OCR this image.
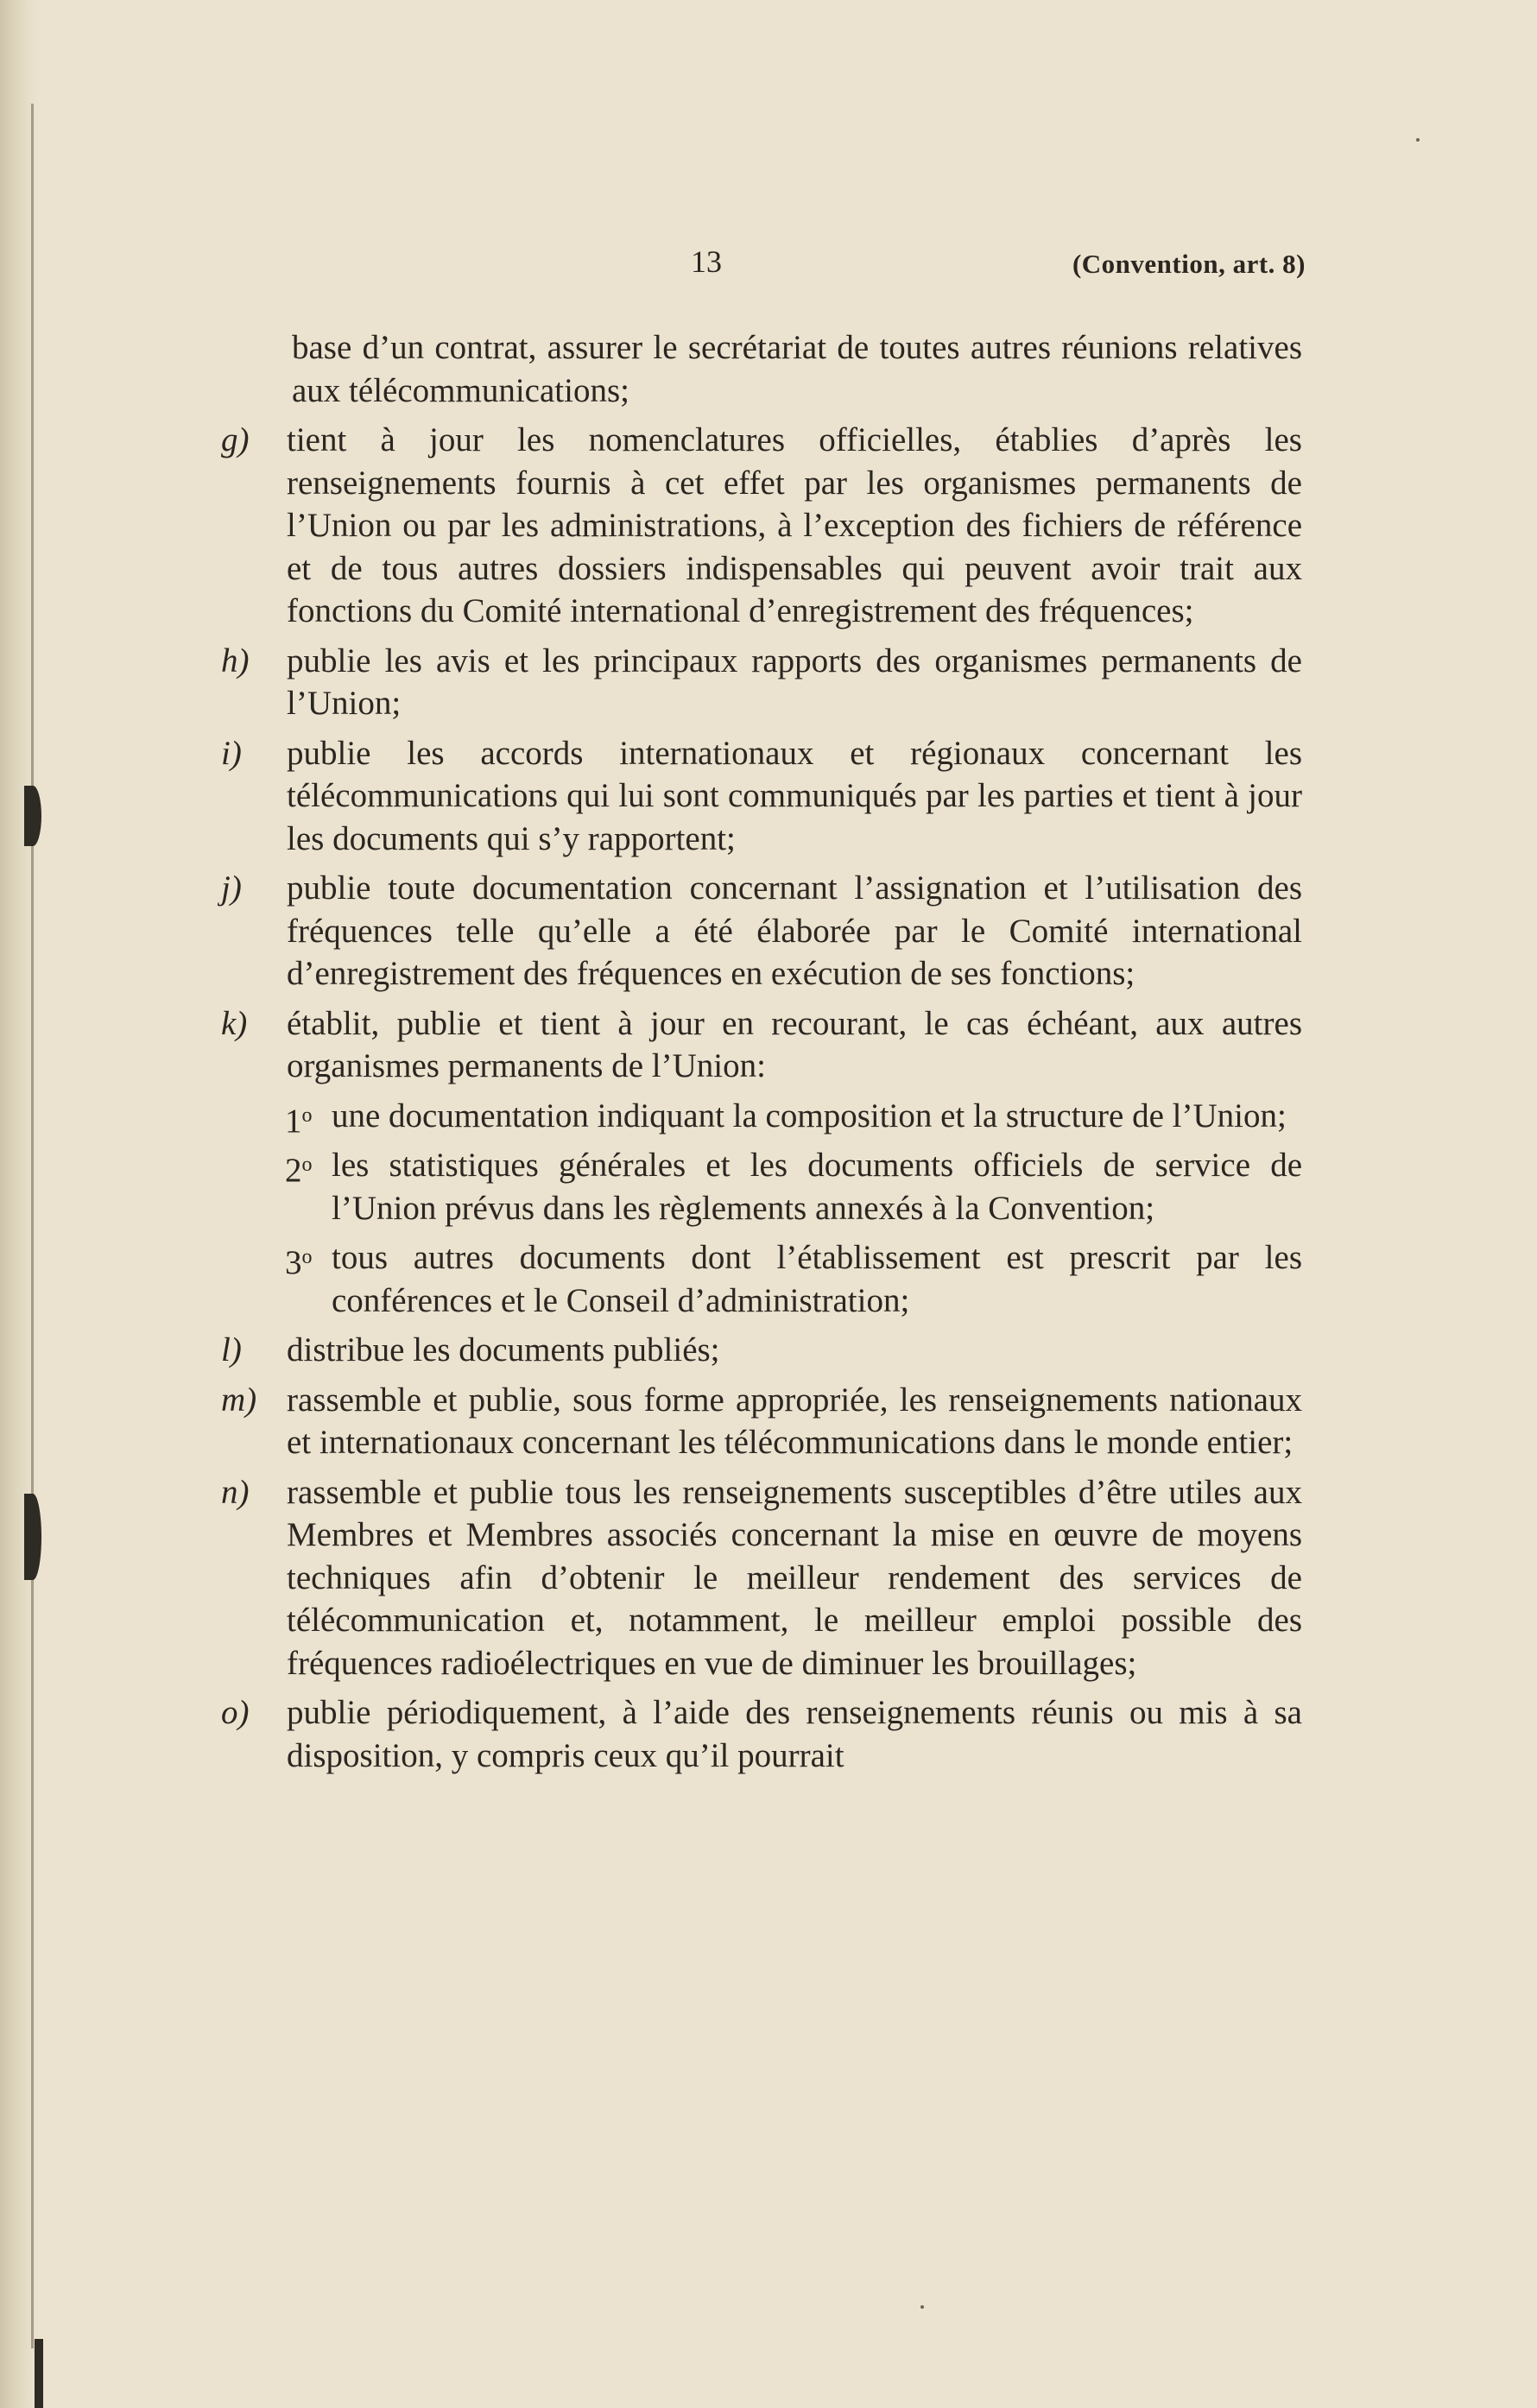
13	(Convention, art. 8)
base d’un contrat, assurer le secrétariat de toutes autres réunions relatives aux télécommunications;
g) tient à jour les nomenclatures officielles, établies d’après les renseignements fournis à cet effet par les organismes permanents de l’Union ou par les administrations, à l’exception des fichiers de référence et de tous autres dossiers indispensables qui peuvent avoir trait aux fonctions du Comité international d’enregistrement des fréquences;
h) publie les avis et les principaux rapports des organismes permanents de l’Union;
i) publie les accords internationaux et régionaux concernant les télécommunications qui lui sont communiqués par les parties et tient à jour les documents qui s’y rapportent;
j) publie toute documentation concernant l’assignation et l’utilisation des fréquences telle qu’elle a été élaborée par le Comité international d’enregistrement des fréquences en exécution de ses fonctions;
k) établit, publie et tient à jour en recourant, le cas échéant, aux autres organismes permanents de l’Union:
1$^o$ une documentation indiquant la composition et la structure de l’Union;
2$^o$ les statistiques générales et les documents officiels de service de l’Union prévus dans les règlements annexés à la Convention;
3$^o$ tous autres documents dont l’établissement est prescrit par les conférences et le Conseil d’administration;
l) distribue les documents publiés;
m) rassemble et publie, sous forme appropriée, les renseignements nationaux et internationaux concernant les télécommunications dans le monde entier;
n) rassemble et publie tous les renseignements susceptibles d’être utiles aux Membres et Membres associés concernant la mise en œuvre de moyens techniques afin d’obtenir le meilleur rendement des services de télécommunication et, notamment, le meilleur emploi possible des fréquences radioélectriques en vue de diminuer les brouillages;
o) publie périodiquement, à l’aide des renseignements réunis ou mis à sa disposition, y compris ceux qu’il pourrait
